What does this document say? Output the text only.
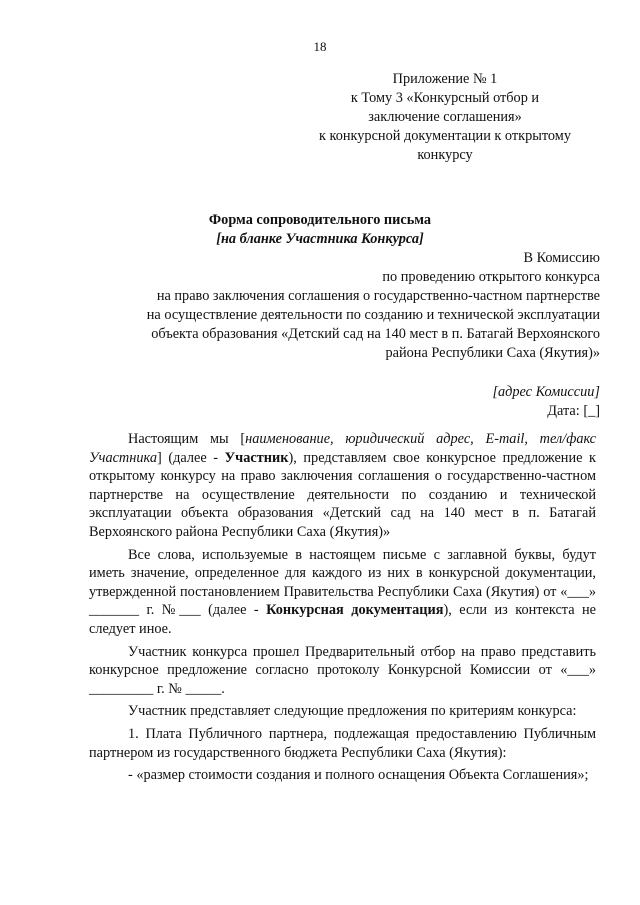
18
Приложение № 1
к Тому 3 «Конкурсный отбор и
заключение соглашения»
к конкурсной документации к открытому
конкурсу
Форма сопроводительного письма
[на бланке Участника Конкурса]
В Комиссию
по проведению открытого конкурса
на право заключения соглашения о государственно-частном партнерстве
на осуществление деятельности по созданию и технической эксплуатации
объекта образования «Детский сад на 140 мест в п. Батагай Верхоянского
района Республики Саха (Якутия)»
[адрес Комиссии]
Дата: [_]

Настоящим мы [наименование, юридический адрес, E-mail, тел/факс Участника] (далее - Участник), представляем свое конкурсное предложение к открытому конкурсу на право заключения соглашения о государственно-частном партнерстве на осуществление деятельности по созданию и технической эксплуатации объекта образования «Детский сад на 140 мест в п. Батагай Верхоянского района Республики Саха (Якутия)»

Все слова, используемые в настоящем письме с заглавной буквы, будут иметь значение, определенное для каждого из них в конкурсной документации, утвержденной постановлением Правительства Республики Саха (Якутия) от «___» _______ г. №___ (далее - Конкурсная документация), если из контекста не следует иное.

Участник конкурса прошел Предварительный отбор на право представить конкурсное предложение согласно протоколу Конкурсной Комиссии от «___» _________ г. № _____.

Участник представляет следующие предложения по критериям конкурса:

1. Плата Публичного партнера, подлежащая предоставлению Публичным партнером из государственного бюджета Республики Саха (Якутия):

- «размер стоимости создания и полного оснащения Объекта Соглашения»;
